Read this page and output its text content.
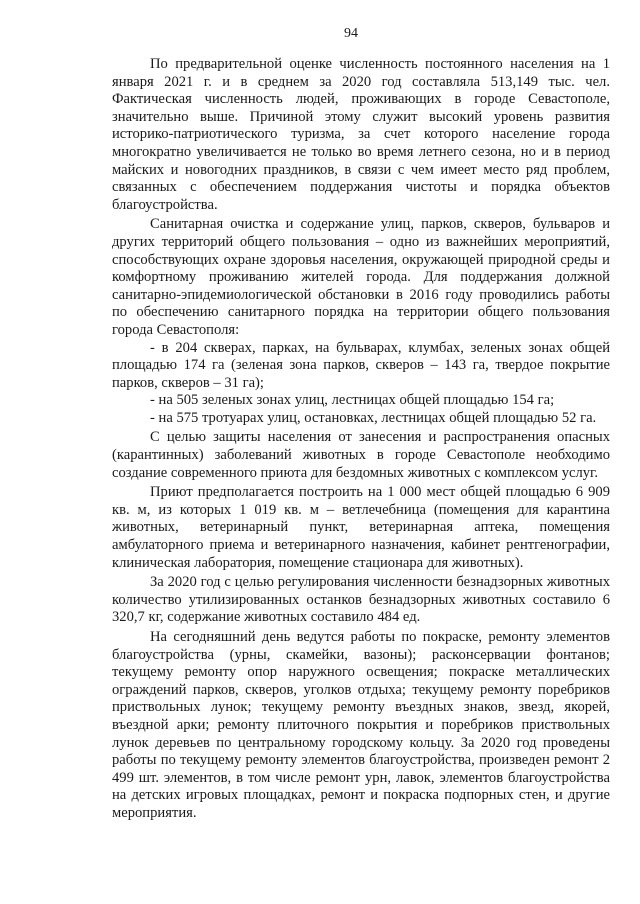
94

По предварительной оценке численность постоянного населения на 1 января 2021 г. и в среднем за 2020 год составляла 513,149 тыс. чел. Фактическая численность людей, проживающих в городе Севастополе, значительно выше. Причиной этому служит высокий уровень развития историко-патриотического туризма, за счет которого население города многократно увеличивается не только во время летнего сезона, но и в период майских и новогодних праздников, в связи с чем имеет место ряд проблем, связанных с обеспечением поддержания чистоты и порядка объектов благоустройства.

Санитарная очистка и содержание улиц, парков, скверов, бульваров и других территорий общего пользования – одно из важнейших мероприятий, способствующих охране здоровья населения, окружающей природной среды и комфортному проживанию жителей города. Для поддержания должной санитарно-эпидемиологической обстановки в 2016 году проводились работы по обеспечению санитарного порядка на территории общего пользования города Севастополя:

- в 204 скверах, парках, на бульварах, клумбах, зеленых зонах общей площадью 174 га (зеленая зона парков, скверов – 143 га, твердое покрытие парков, скверов – 31 га);

- на 505 зеленых зонах улиц, лестницах общей площадью 154 га;

- на 575 тротуарах улиц, остановках, лестницах общей площадью 52 га.

С целью защиты населения от занесения и распространения опасных (карантинных) заболеваний животных в городе Севастополе необходимо создание современного приюта для бездомных животных с комплексом услуг.

Приют предполагается построить на 1 000 мест общей площадью 6 909 кв. м, из которых 1 019 кв. м – ветлечебница (помещения для карантина животных, ветеринарный пункт, ветеринарная аптека, помещения амбулаторного приема и ветеринарного назначения, кабинет рентгенографии, клиническая лаборатория, помещение стационара для животных).

За 2020 год с целью регулирования численности безнадзорных животных количество утилизированных останков безнадзорных животных составило 6 320,7 кг, содержание животных составило 484 ед.

На сегодняшний день ведутся работы по покраске, ремонту элементов благоустройства (урны, скамейки, вазоны); расконсервации фонтанов; текущему ремонту опор наружного освещения; покраске металлических ограждений парков, скверов, уголков отдыха; текущему ремонту поребриков приствольных лунок; текущему ремонту въездных знаков, звезд, якорей, въездной арки; ремонту плиточного покрытия и поребриков приствольных лунок деревьев по центральному городскому кольцу. За 2020 год проведены работы по текущему ремонту элементов благоустройства, произведен ремонт 2 499 шт. элементов, в том числе ремонт урн, лавок, элементов благоустройства на детских игровых площадках, ремонт и покраска подпорных стен, и другие мероприятия.
